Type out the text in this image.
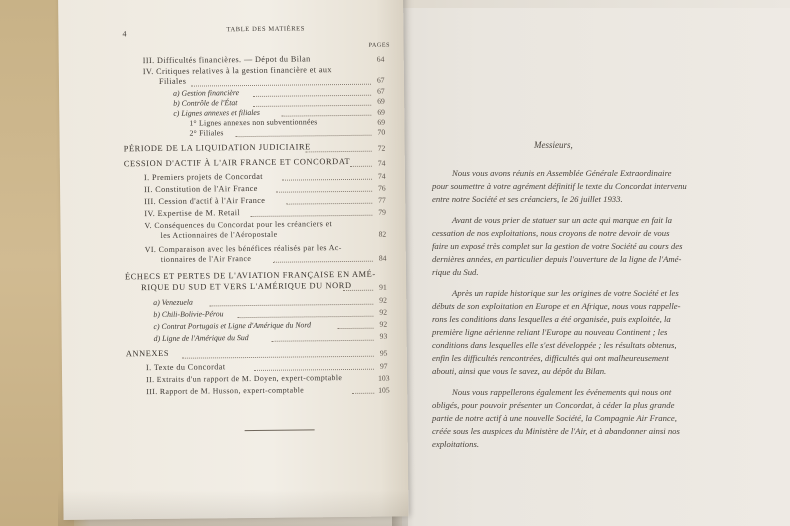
4	TABLE DES MATIÈRES
PAGES
III. Difficultés financières. — Dépot du Bilan	64
IV. Critiques relatives à la gestion financière et aux
Filiales	67
a) Gestion financière	67
b) Contrôle de l'État	69
c) Lignes annexes et filiales	69
1° Lignes annexes non subventionnées	69
2° Filiales	70
PÉRIODE DE LA LIQUIDATION JUDICIAIRE	72
CESSION D'ACTIF À L'AIR FRANCE ET CONCORDAT	74
I. Premiers projets de Concordat	74
II. Constitution de l'Air France	76
III. Cession d'actif à l'Air France	77
IV. Expertise de M. Retail	79
V. Conséquences du Concordat pour les créanciers et
les Actionnaires de l'Aéropostale	82
VI. Comparaison avec les bénéfices réalisés par les Ac-
tionnaires de l'Air France	84
ÉCHECS ET PERTES DE L'AVIATION FRANÇAISE EN AMÉ-
RIQUE DU SUD ET VERS L'AMÉRIQUE DU NORD	91
a) Venezuela	92
b) Chili-Bolivie-Pérou	92
c) Contrat Portugais et Ligne d'Amérique du Nord	92
d) Ligne de l'Amérique du Sud	93
ANNEXES	95
I. Texte du Concordat	97
II. Extraits d'un rapport de M. Doyen, expert-comptable	103
III. Rapport de M. Husson, expert-comptable	105
Messieurs,
Nous vous avons réunis en Assemblée Générale Extraordinaire
pour soumettre à votre agrément définitif le texte du Concordat intervenu
entre notre Société et ses créanciers, le 26 juillet 1933.
Avant de vous prier de statuer sur un acte qui marque en fait la
cessation de nos exploitations, nous croyons de notre devoir de vous
faire un exposé très complet sur la gestion de votre Société au cours des
dernières années, en particulier depuis l'ouverture de la ligne de l'Amé-
rique du Sud.
Après un rapide historique sur les origines de votre Société et les
débuts de son exploitation en Europe et en Afrique, nous vous rappelle-
rons les conditions dans lesquelles a été organisée, puis exploitée, la
première ligne aérienne reliant l'Europe au nouveau Continent ; les
conditions dans lesquelles elle s'est développée ; les résultats obtenus,
enfin les difficultés rencontrées, difficultés qui ont malheureusement
abouti, ainsi que vous le savez, au dépôt du Bilan.
Nous vous rappellerons également les événements qui nous ont
obligés, pour pouvoir présenter un Concordat, à céder la plus grande
partie de notre actif à une nouvelle Société, la Compagnie Air France,
créée sous les auspices du Ministère de l'Air, et à abandonner ainsi nos
exploitations.
